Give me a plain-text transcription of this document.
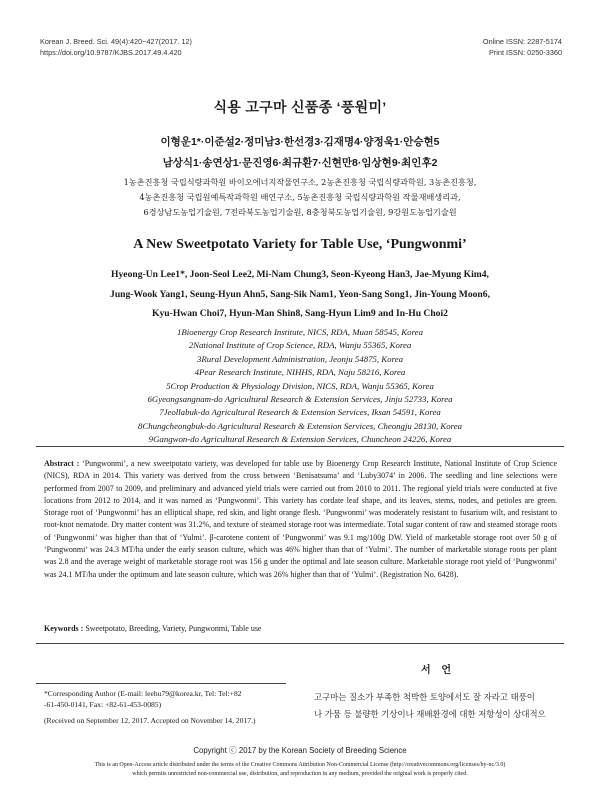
Korean J. Breed. Sci. 49(4):420~427(2017. 12)
https://doi.org/10.9787/KJBS.2017.49.4.420
Online ISSN: 2287-5174
Print ISSN: 0250-3360
식용 고구마 신품종 ‘풍원미’
이형운1*·이준설2·정미남3·한선경3·김재명4·양정욱1·안승현5
남상식1·송연상1·문진영6·최규환7·신현만8·임상현9·최인후2
1농촌진흥청 국립식량과학원 바이오에너지작물연구소, 2농촌진흥청 국립식량과학원, 3농촌진흥청,
4농촌진흥청 국립원예특작과학원 배연구소, 5농촌진흥청 국립식량과학원 작물재배생리과,
6경상남도농업기술원, 7전라북도농업기술원, 8충청북도농업기술원, 9강원도농업기술원
A New Sweetpotato Variety for Table Use, ‘Pungwonmi’
Hyeong-Un Lee1*, Joon-Seol Lee2, Mi-Nam Chung3, Seon-Kyeong Han3, Jae-Myung Kim4,
Jung-Wook Yang1, Seung-Hyun Ahn5, Sang-Sik Nam1, Yeon-Sang Song1, Jin-Young Moon6,
Kyu-Hwan Choi7, Hyun-Man Shin8, Sang-Hyun Lim9 and In-Hu Choi2
1Bioenergy Crop Research Institute, NICS, RDA, Muan 58545, Korea
2National Institute of Crop Science, RDA, Wanju 55365, Korea
3Rural Development Administration, Jeonju 54875, Korea
4Pear Research Institute, NIHHS, RDA, Naju 58216, Korea
5Crop Production & Physiology Division, NICS, RDA, Wanju 55365, Korea
6Gyeongsangnam-do Agricultural Research & Extension Services, Jinju 52733, Korea
7Jeollabuk-do Agricultural Research & Extension Services, Iksan 54591, Korea
8Chungcheongbuk-do Agricultural Research & Extension Services, Cheongju 28130, Korea
9Gangwon-do Agricultural Research & Extension Services, Chuncheon 24226, Korea
Abstract : ‘Pungwonmi’, a new sweetpotato variety, was developed for table use by Bioenergy Crop Research Institute, National Institute of Crop Science (NICS), RDA in 2014. This variety was derived from the cross between ‘Benisatsuma’ and ‘Luby3074’ in 2006. The seedling and line selections were performed from 2007 to 2009, and preliminary and advanced yield trials were carried out from 2010 to 2011. The regional yield trials were conducted at five locations from 2012 to 2014, and it was named as ‘Pungwonmi’. This variety has cordate leaf shape, and its leaves, stems, nodes, and petioles are green. Storage root of ‘Pungwonmi’ has an elliptical shape, red skin, and light orange flesh. ‘Pungwonmi’ was moderately resistant to fusarium wilt, and resistant to root-knot nematode. Dry matter content was 31.2%, and texture of steamed storage root was intermediate. Total sugar content of raw and steamed storage roots of ‘Pungwonmi’ was higher than that of ‘Yulmi’. β-carotene content of ‘Pungwonmi’ was 9.1 mg/100g DW. Yield of marketable storage root over 50 g of ‘Pungwonmi’ was 24.3 MT/ha under the early season culture, which was 46% higher than that of ‘Yulmi’. The number of marketable storage roots per plant was 2.8 and the average weight of marketable storage root was 156 g under the optimal and late season culture. Marketable storage root yield of ‘Pungwonmi’ was 24.1 MT/ha under the optimum and late season culture, which was 26% higher than that of ‘Yulmi’. (Registration No. 6428).
Keywords : Sweetpotato, Breeding, Variety, Pungwonmi, Table use
서 언
고구마는 질소가 부족한 척박한 토양에서도 잘 자라고 태풍이
나 가뭄 등 불량한 기상이나 재배환경에 대한 저항성이 상대적으
*Corresponding Author (E-mail: leehu79@korea.kr, Tel: Tel:+82
-61-450-0141, Fax: +82-61-453-0085)
(Received on September 12, 2017. Accepted on November 14, 2017.)
Copyright ⓒ 2017 by the Korean Society of Breeding Science
This is an Open-Access article distributed under the terms of the Creative Commons Attribution Non-Commercial License (http://creativecommons.org/licenses/by-nc/3.0)
which permits unrestricted non-commercial use, distribution, and reproduction in any medium, provided the original work is properly cited.
